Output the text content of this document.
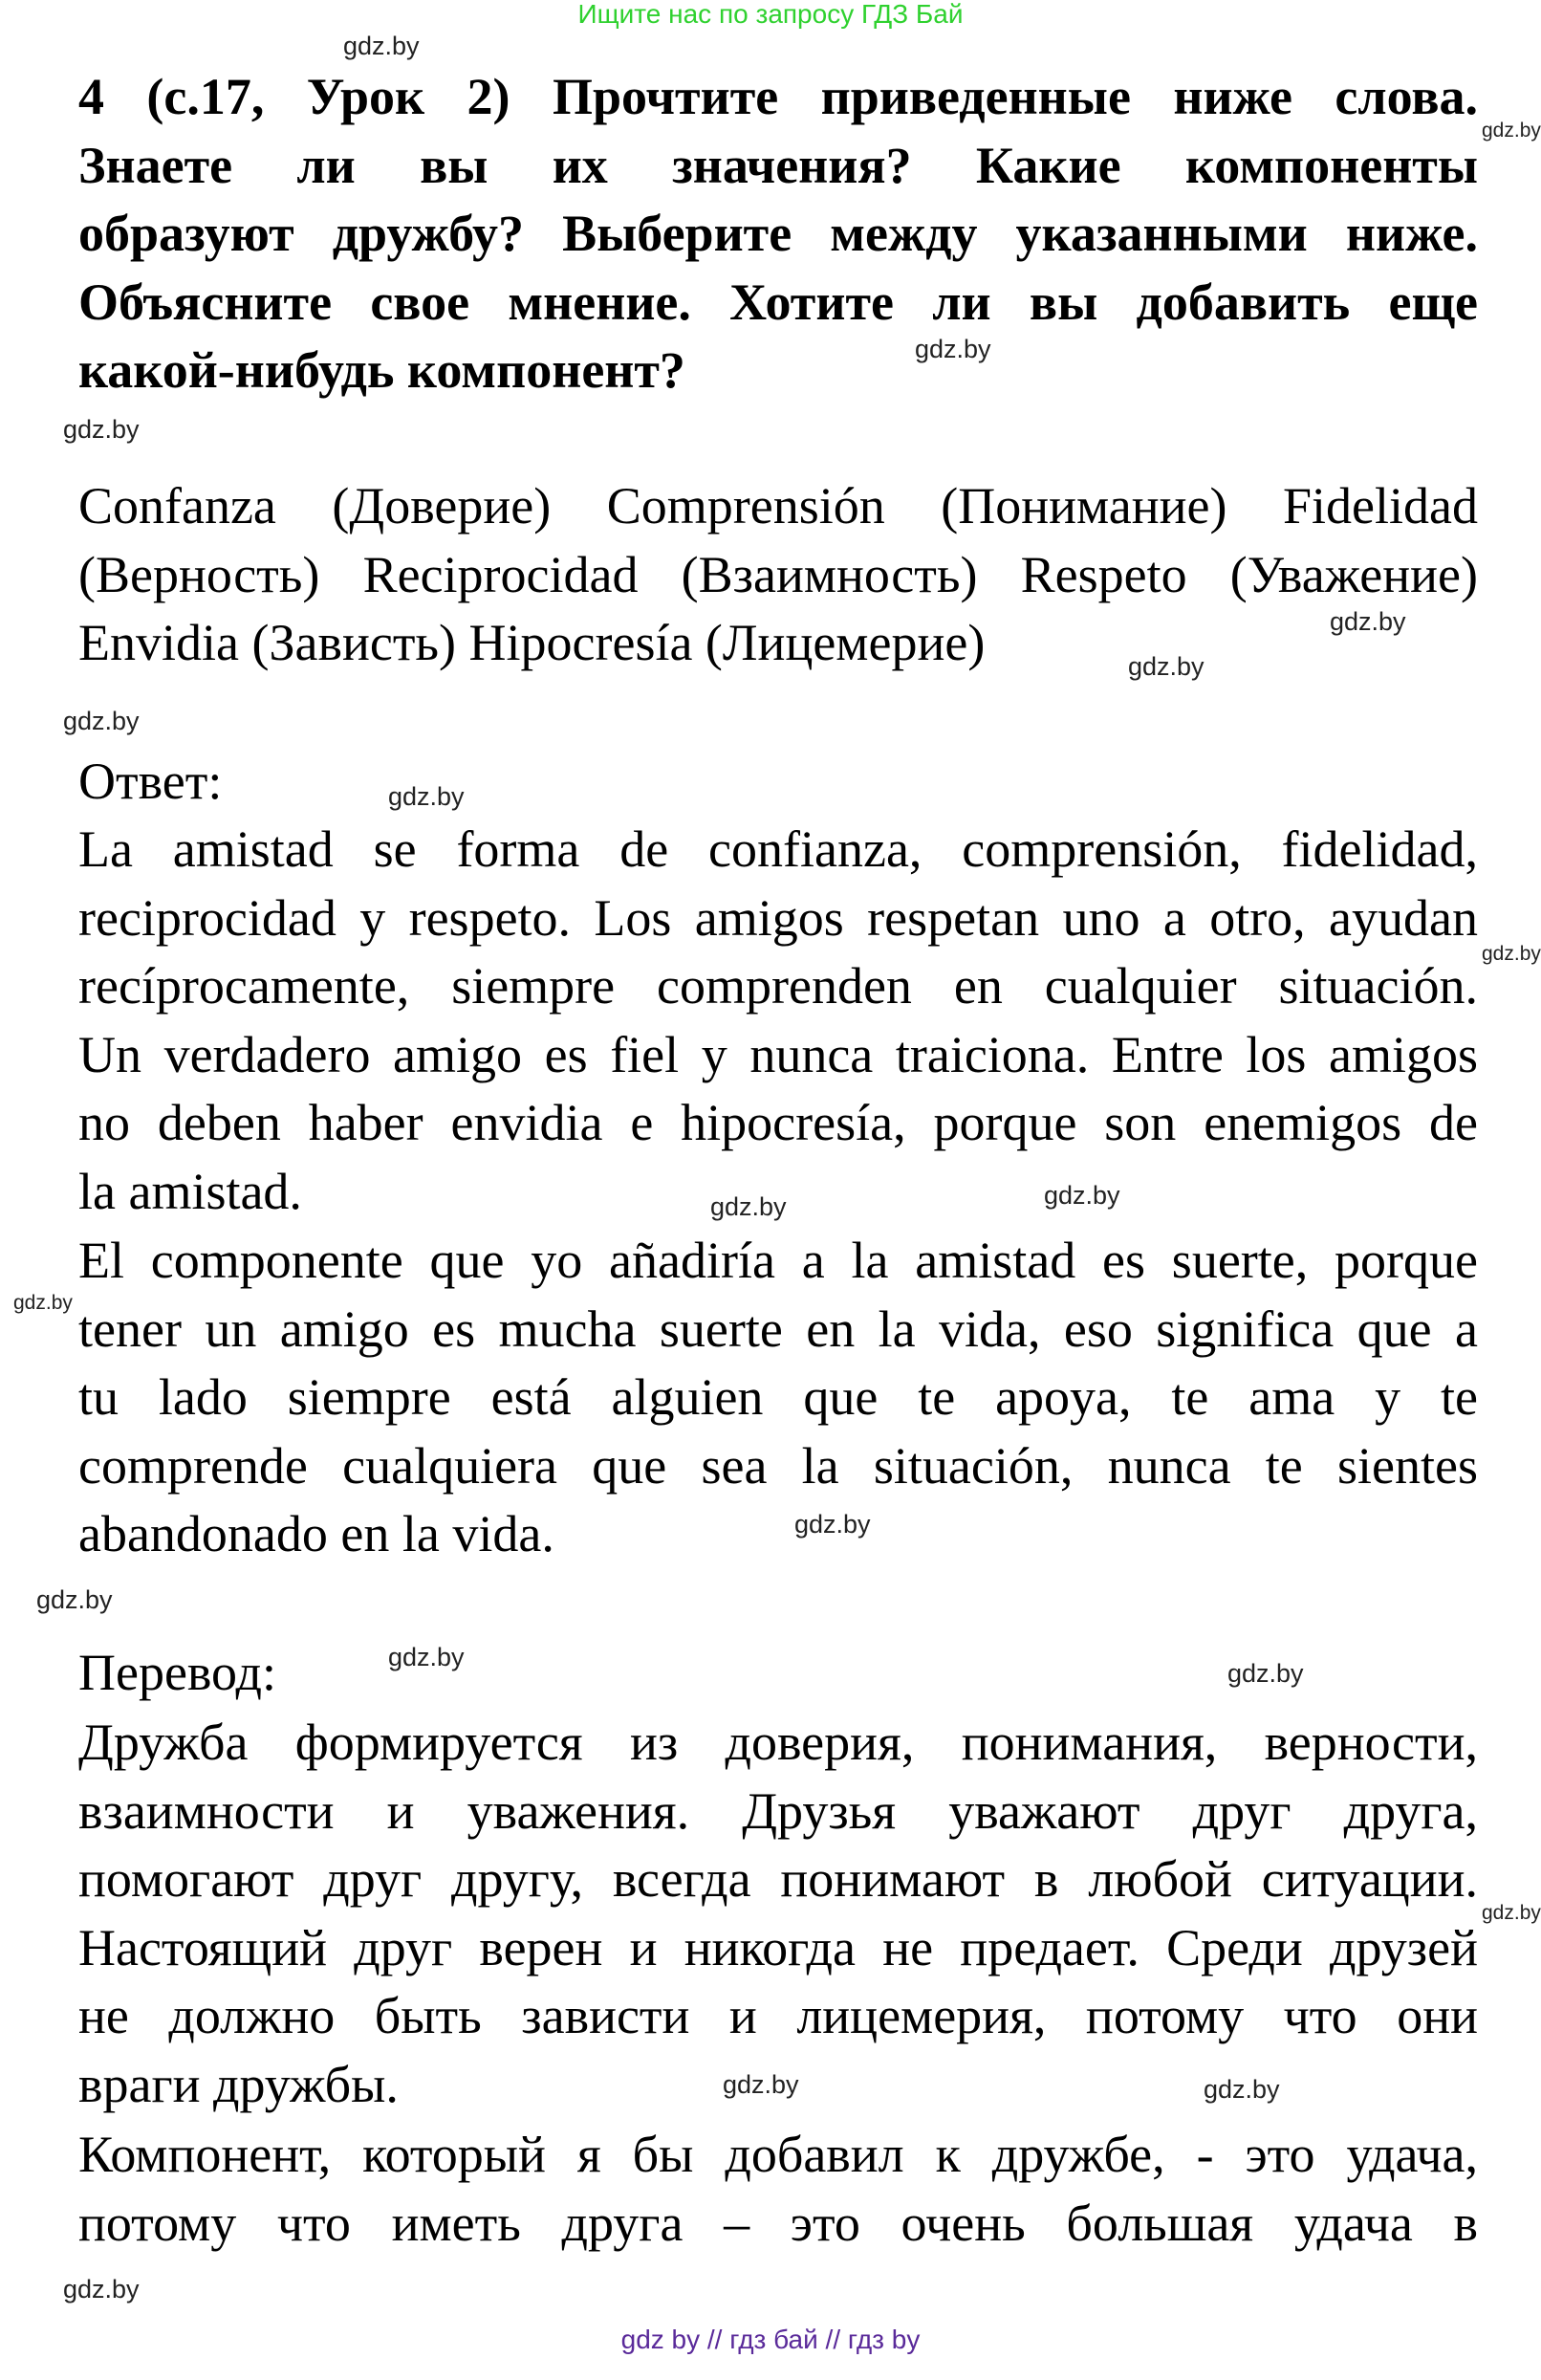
Ищите нас по запросу ГДЗ Бай
4 (с.17, Урок 2) Прочтите приведенные ниже слова.
Знаете ли вы их значения? Какие компоненты
образуют дружбу? Выберите между указанными ниже.
Объясните свое мнение. Хотите ли вы добавить еще
какой-нибудь компонент?
Confanza (Доверие) Comprensión (Понимание) Fidelidad
(Верность) Reciprocidad (Взаимность) Respeto (Уважение)
Envidia (Зависть) Hipocresía (Лицемерие)
Ответ:
La amistad se forma de confianza, comprensión, fidelidad,
reciprocidad y respeto. Los amigos respetan uno a otro, ayudan
recíprocamente, siempre comprenden en cualquier situación.
Un verdadero amigo es fiel y nunca traiciona. Entre los amigos
no deben haber envidia e hipocresía, porque son enemigos de
la amistad.
El componente que yo añadiría a la amistad es suerte, porque
tener un amigo es mucha suerte en la vida, eso significa que a
tu lado siempre está alguien que te apoya, te ama y te
comprende cualquiera que sea la situación, nunca te sientes
abandonado en la vida.
Перевод:
Дружба формируется из доверия, понимания, верности,
взаимности и уважения. Друзья уважают друг друга,
помогают друг другу, всегда понимают в любой ситуации.
Настоящий друг верен и никогда не предает. Среди друзей
не должно быть зависти и лицемерия, потому что они
враги дружбы.
Компонент, который я бы добавил к дружбе, - это удача,
потому что иметь друга – это очень большая удача в
gdz.by
gdz.by
gdz.by
gdz.by
gdz.by
gdz.by
gdz.by
gdz.by
gdz.by
gdz.by
gdz.by
gdz.by
gdz.by
gdz.by
gdz.by
gdz.by
gdz.by
gdz.by	gdz.by
gdz.by
gdz by // гдз бай // гдз by
